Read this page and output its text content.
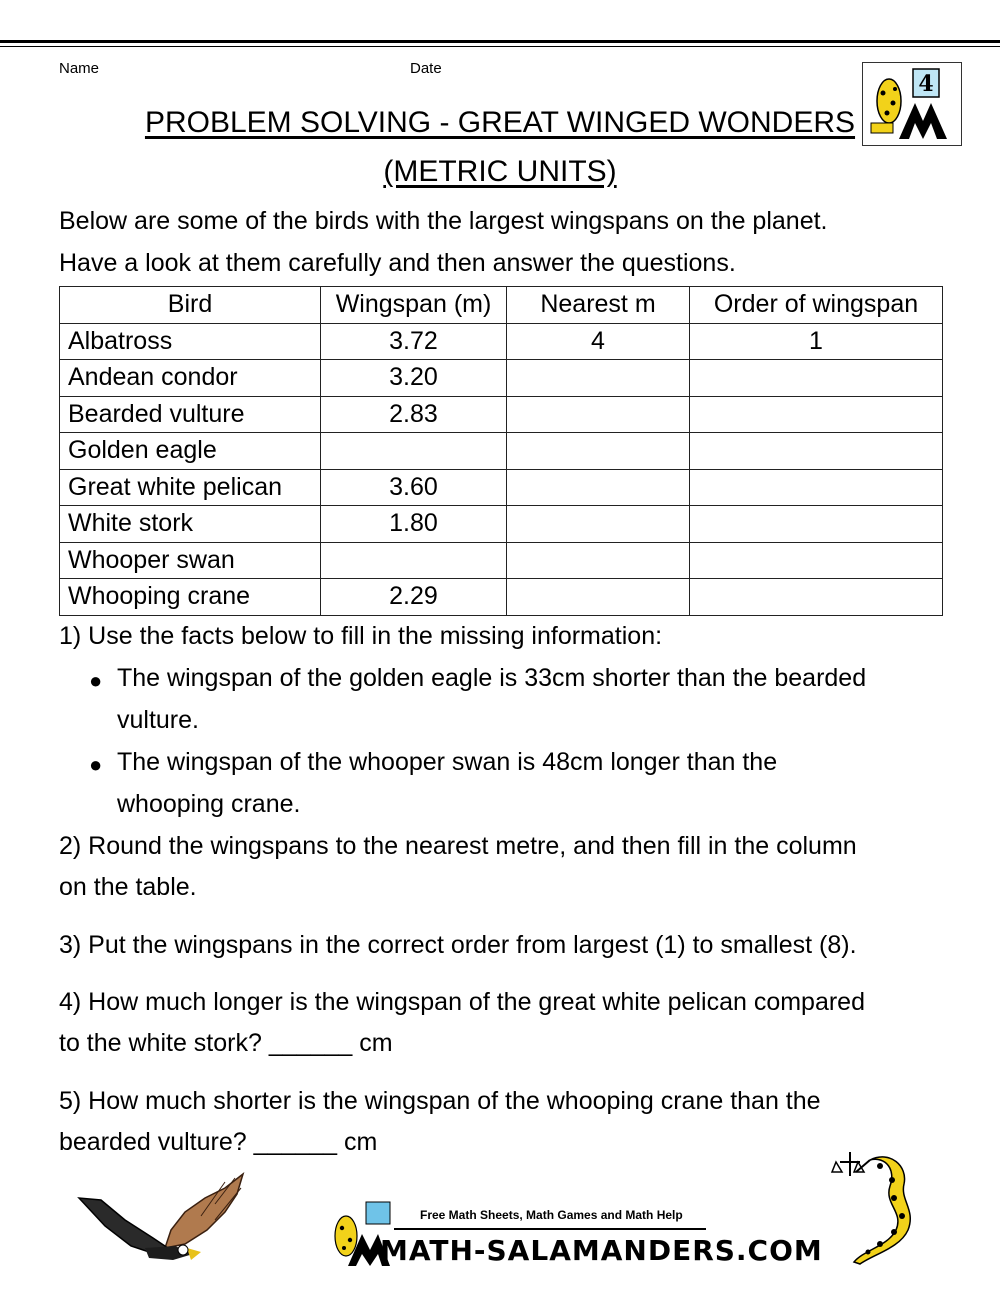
Name	Date
4
PROBLEM SOLVING - GREAT WINGED WONDERS
(METRIC UNITS)
Below are some of the birds with the largest wingspans on the planet.
Have a look at them carefully and then answer the questions.
Bird	Wingspan (m)	Nearest m	Order of wingspan
Albatross	3.72	4	1
Andean condor	3.20		
Bearded vulture	2.83		
Golden eagle			
Great white pelican	3.60		
White stork	1.80		
Whooper swan			
Whooping crane	2.29		
1) Use the facts below to fill in the missing information:
● The wingspan of the golden eagle is 33cm shorter than the bearded
vulture.
● The wingspan of the whooper swan is 48cm longer than the
whooping crane.
2) Round the wingspans to the nearest metre, and then fill in the column
on the table.
3) Put the wingspans in the correct order from largest (1) to smallest (8).
4) How much longer is the wingspan of the great white pelican compared
to the white stork? ______ cm
5) How much shorter is the wingspan of the whooping crane than the
bearded vulture? ______ cm
Free Math Sheets, Math Games and Math Help
MATH-SALAMANDERS.COM
